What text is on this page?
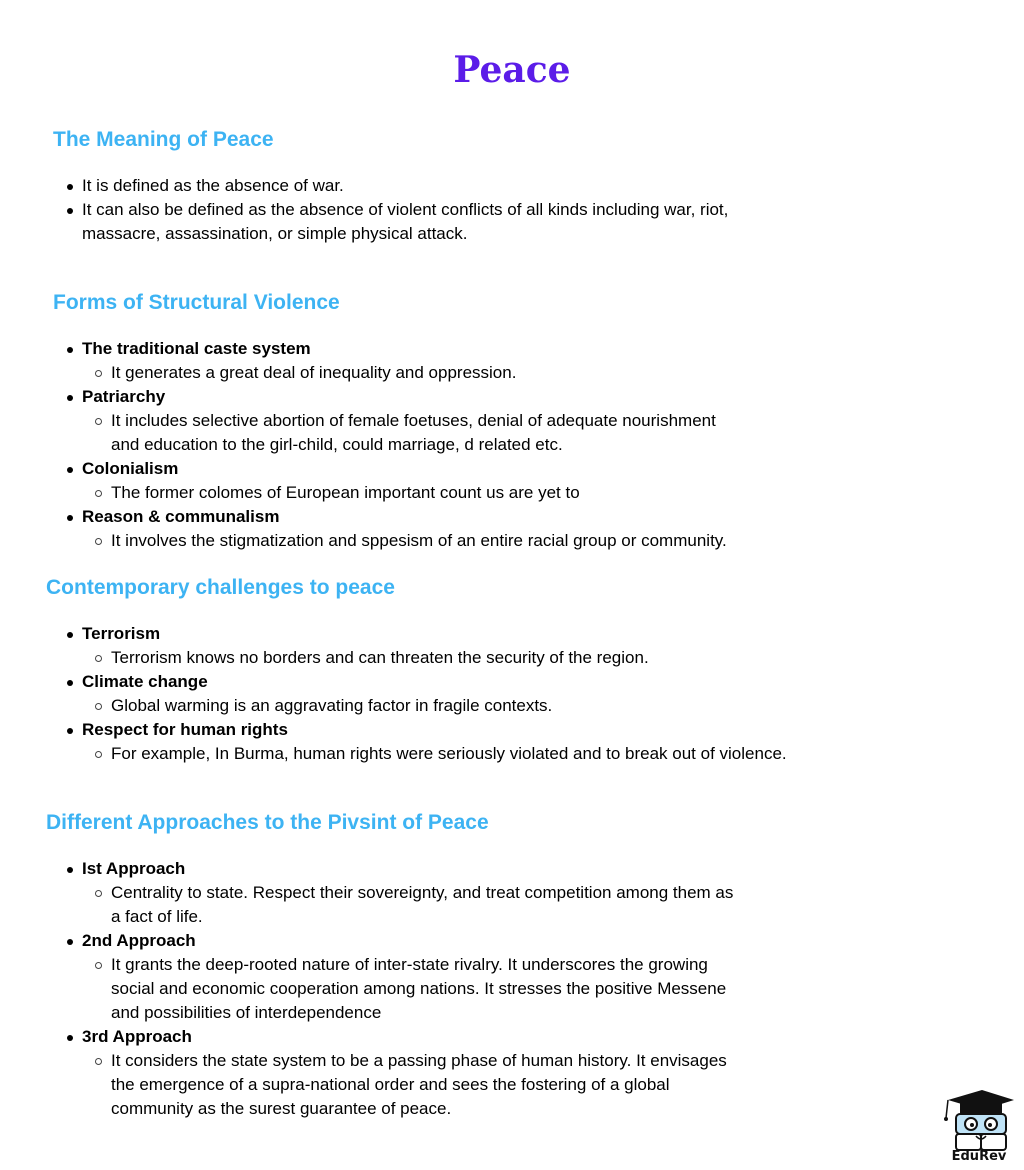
Peace
The Meaning of Peace
It is defined as the absence of war.
It can also be defined as the absence of violent conflicts of all kinds including war, riot,
massacre, assassination, or simple physical attack.
Forms of Structural Violence
The traditional caste system
It generates a great deal of inequality and oppression.
Patriarchy
It includes selective abortion of female foetuses, denial of adequate nourishment
and education to the girl-child, could marriage, d related etc.
Colonialism
The former colomes of European important count us are yet to
Reason & communalism
It involves the stigmatization and sppesism of an entire racial group or community.
Contemporary challenges to peace
Terrorism
Terrorism knows no borders and can threaten the security of the region.
Climate change
Global warming is an aggravating factor in fragile contexts.
Respect for human rights
For example, In Burma, human rights were seriously violated and to break out of violence.
Different Approaches to the Pivsint of Peace
Ist Approach
Centrality to state. Respect their sovereignty, and treat competition among them as
a fact of life.
2nd Approach
It grants the deep-rooted nature of inter-state rivalry. It underscores the growing
social and economic cooperation among nations. It stresses the positive Messene
and possibilities of interdependence
3rd Approach
It considers the state system to be a passing phase of human history. It envisages
the emergence of a supra-national order and sees the fostering of a global
community as the surest guarantee of peace.
EduRev
